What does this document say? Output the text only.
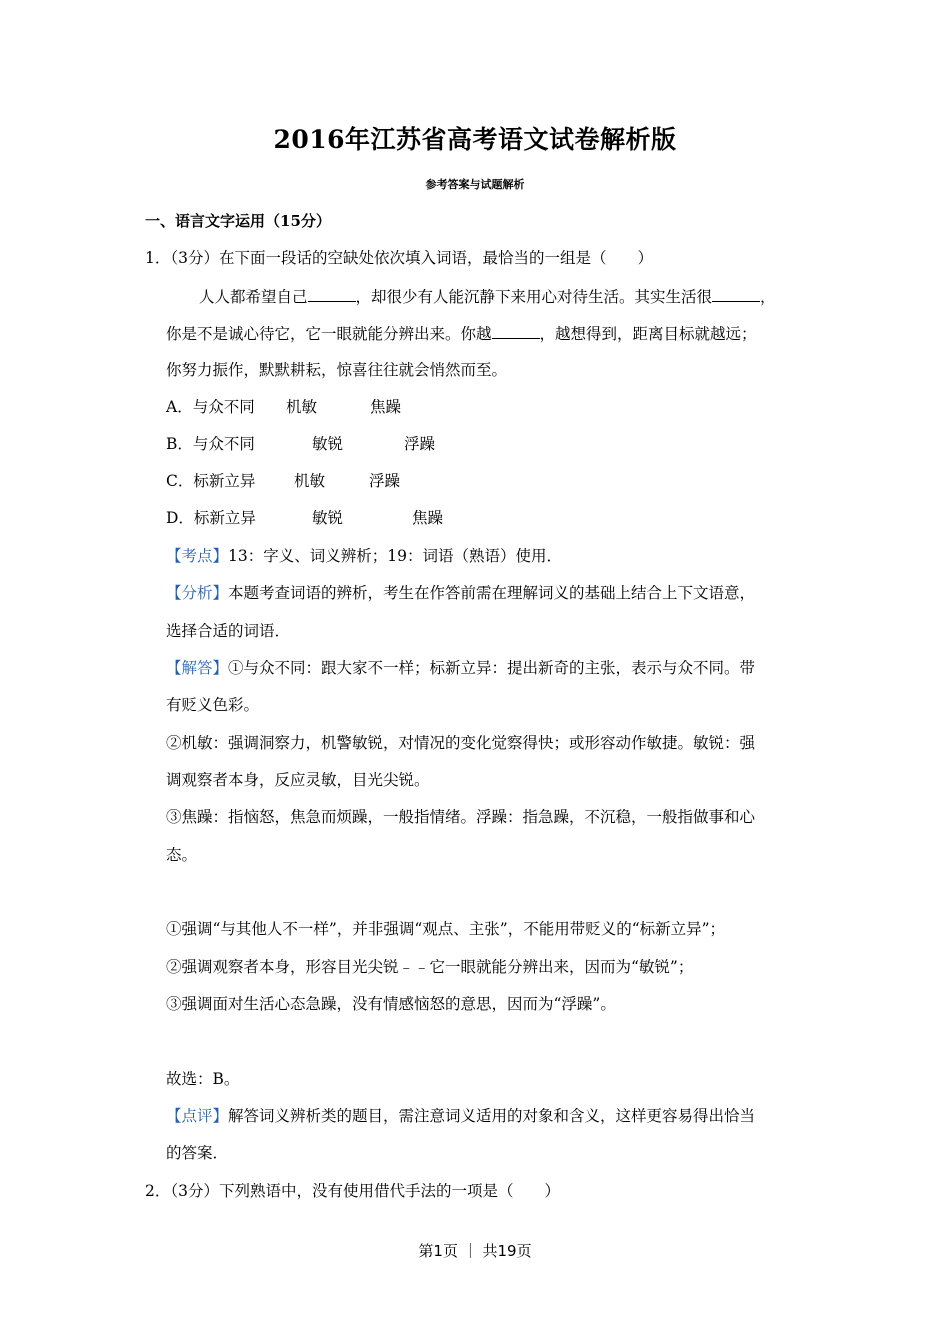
2016年江苏省高考语文试卷解析版
参考答案与试题解析
一、语言文字运用（15分）
1．（3分）在下面一段话的空缺处依次填入词语，最恰当的一组是（　　）
人人都希望自己	，却很少有人能沉静下来用心对待生活。其实生活很	，
你是不是诚心待它，它一眼就能分辨出来。你越	，越想得到，距离目标就越远；
你努力振作，默默耕耘，惊喜往往就会悄然而至。
A．与众不同 机敏	焦躁
B．与众不同	敏锐	浮躁
C．标新立异 机敏	浮躁
D．标新立异	敏锐	焦躁
【考点】13：字义、词义辨析；19：词语（熟语）使用．
【分析】本题考查词语的辨析，考生在作答前需在理解词义的基础上结合上下文语意，
选择合适的词语．
【解答】①与众不同：跟大家不一样；标新立异：提出新奇的主张，表示与众不同。带
有贬义色彩。
②机敏：强调洞察力，机警敏锐，对情况的变化觉察得快；或形容动作敏捷。敏锐：强
调观察者本身，反应灵敏，目光尖锐。
③焦躁：指恼怒，焦急而烦躁，一般指情绪。浮躁：指急躁，不沉稳，一般指做事和心
态。
①强调“与其他人不一样”，并非强调“观点、主张”，不能用带贬义的“标新立异”；
②强调观察者本身，形容目光尖锐﹣﹣它一眼就能分辨出来，因而为“敏锐”；
③强调面对生活心态急躁，没有情感恼怒的意思，因而为“浮躁”。
故选：B。
【点评】解答词义辨析类的题目，需注意词义适用的对象和含义，这样更容易得出恰当
的答案．
2．（3分）下列熟语中，没有使用借代手法的一项是（　　）
第1页 ｜ 共19页
